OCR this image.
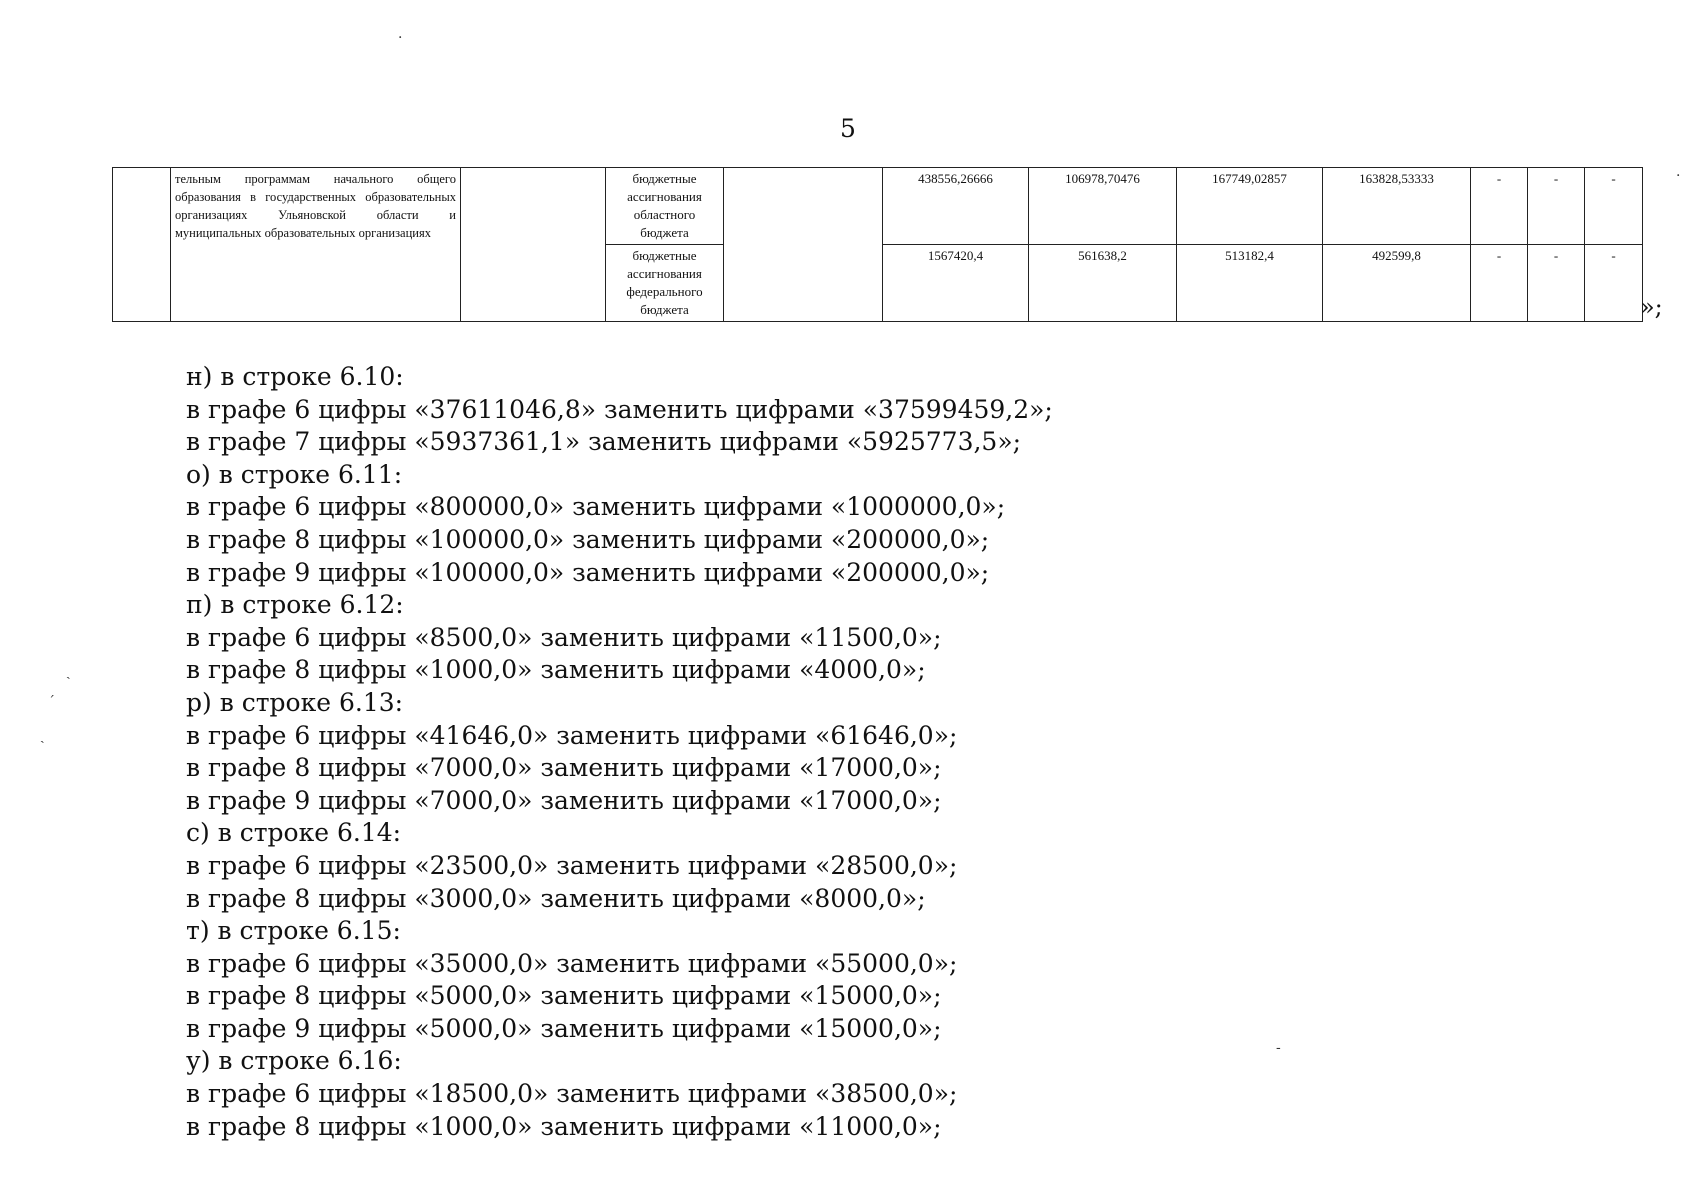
·
·
ˏ
ˊ
ˏ
-
5
	тельным программам начального общего образования в государственных образовательных организациях Ульяновской области и муниципальных образовательных организациях		бюджетные ассигнования областного бюджета		438556,26666	106978,70476	167749,02857	163828,53333	-	-	-
			бюджетные ассигнования федерального бюджета		1567420,4	561638,2	513182,4	492599,8	-	-	-
»;
н) в строке 6.10:
в графе 6 цифры «37611046,8» заменить цифрами «37599459,2»;
в графе 7 цифры «5937361,1» заменить цифрами «5925773,5»;
о) в строке 6.11:
в графе 6 цифры «800000,0» заменить цифрами «1000000,0»;
в графе 8 цифры «100000,0» заменить цифрами «200000,0»;
в графе 9 цифры «100000,0» заменить цифрами «200000,0»;
п) в строке 6.12:
в графе 6 цифры «8500,0» заменить цифрами «11500,0»;
в графе 8 цифры «1000,0» заменить цифрами «4000,0»;
р) в строке 6.13:
в графе 6 цифры «41646,0» заменить цифрами «61646,0»;
в графе 8 цифры «7000,0» заменить цифрами «17000,0»;
в графе 9 цифры «7000,0» заменить цифрами «17000,0»;
с) в строке 6.14:
в графе 6 цифры «23500,0» заменить цифрами «28500,0»;
в графе 8 цифры «3000,0» заменить цифрами «8000,0»;
т) в строке 6.15:
в графе 6 цифры «35000,0» заменить цифрами «55000,0»;
в графе 8 цифры «5000,0» заменить цифрами «15000,0»;
в графе 9 цифры «5000,0» заменить цифрами «15000,0»;
у) в строке 6.16:
в графе 6 цифры «18500,0» заменить цифрами «38500,0»;
в графе 8 цифры «1000,0» заменить цифрами «11000,0»;
